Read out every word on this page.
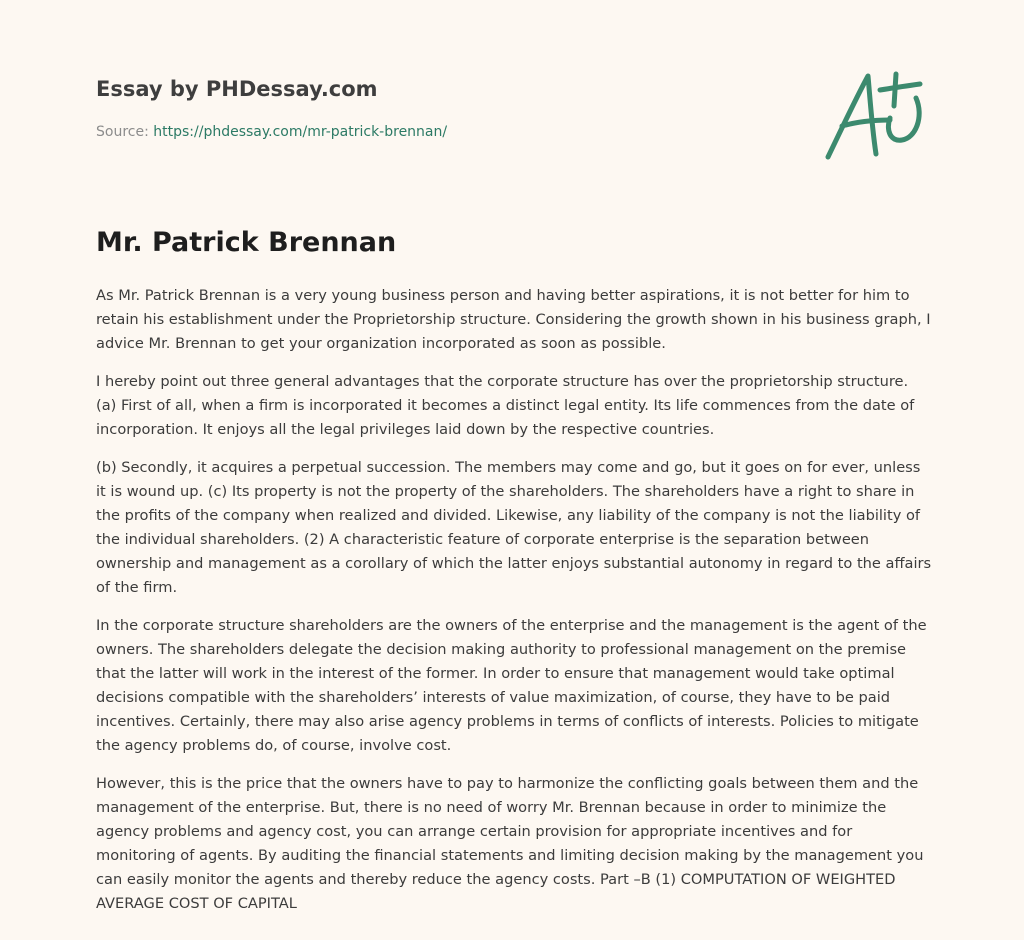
Essay by PHDessay.com
Source: https://phdessay.com/mr-patrick-brennan/
Mr. Patrick Brennan

As Mr. Patrick Brennan is a very young business person and having better aspirations, it is not better for him to retain his establishment under the Proprietorship structure. Considering the growth shown in his business graph, I advice Mr. Brennan to get your organization incorporated as soon as possible.

I hereby point out three general advantages that the corporate structure has over the proprietorship structure. (a) First of all, when a firm is incorporated it becomes a distinct legal entity. Its life commences from the date of incorporation. It enjoys all the legal privileges laid down by the respective countries.

(b) Secondly, it acquires a perpetual succession. The members may come and go, but it goes on for ever, unless it is wound up. (c) Its property is not the property of the shareholders. The shareholders have a right to share in the profits of the company when realized and divided. Likewise, any liability of the company is not the liability of the individual shareholders. (2) A characteristic feature of corporate enterprise is the separation between ownership and management as a corollary of which the latter enjoys substantial autonomy in regard to the affairs of the firm.

In the corporate structure shareholders are the owners of the enterprise and the management is the agent of the owners. The shareholders delegate the decision making authority to professional management on the premise that the latter will work in the interest of the former. In order to ensure that management would take optimal decisions compatible with the shareholders’ interests of value maximization, of course, they have to be paid incentives. Certainly, there may also arise agency problems in terms of conflicts of interests. Policies to mitigate the agency problems do, of course, involve cost.

However, this is the price that the owners have to pay to harmonize the conflicting goals between them and the management of the enterprise. But, there is no need of worry Mr. Brennan because in order to minimize the agency problems and agency cost, you can arrange certain provision for appropriate incentives and for monitoring of agents. By auditing the financial statements and limiting decision making by the management you can easily monitor the agents and thereby reduce the agency costs. Part –B (1) COMPUTATION OF WEIGHTED AVERAGE COST OF CAPITAL
